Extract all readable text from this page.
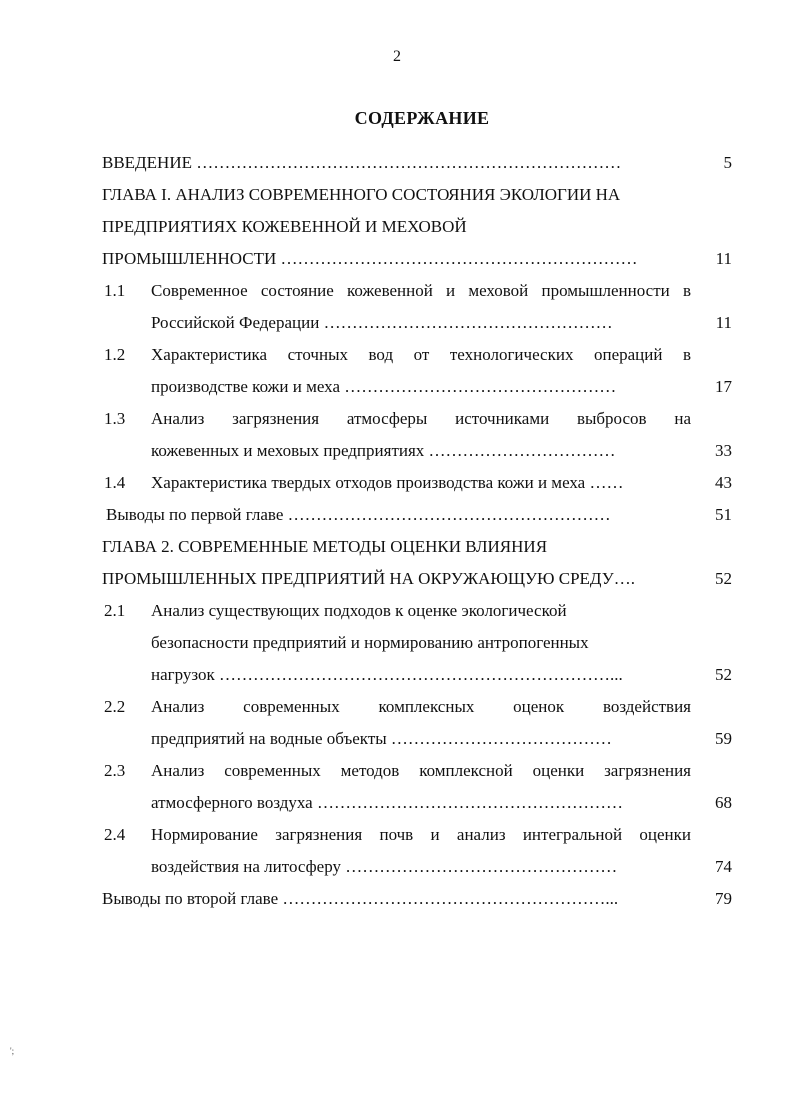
2
СОДЕРЖАНИЕ
ВВЕДЕНИЕ …………………………………………………………………	5
ГЛАВА I. АНАЛИЗ СОВРЕМЕННОГО СОСТОЯНИЯ ЭКОЛОГИИ НА
ПРЕДПРИЯТИЯХ КОЖЕВЕННОЙ И МЕХОВОЙ
ПРОМЫШЛЕННОСТИ ………………………………………………………	11
1.1 Современное состояние кожевенной и меховой промышленности в
Российской Федерации ……………………………………………	11
1.2 Характеристика сточных вод от технологических операций в
производстве кожи и меха …………………………………………	17
1.3 Анализ загрязнения атмосферы источниками выбросов на
кожевенных и меховых предприятиях ……………………………	33
1.4	Характеристика твердых отходов производства кожи и меха ……	43
Выводы по первой главе …………………………………………………	51
ГЛАВА 2. СОВРЕМЕННЫЕ МЕТОДЫ ОЦЕНКИ ВЛИЯНИЯ
ПРОМЫШЛЕННЫХ ПРЕДПРИЯТИЙ НА ОКРУЖАЮЩУЮ СРЕДУ….	52
2.1 Анализ существующих подходов к оценке экологической
безопасности предприятий и нормированию антропогенных
нагрузок ……………………………………………………………...	52
2.2 Анализ современных комплексных оценок воздействия
предприятий на водные объекты …………………………………	59
2.3 Анализ современных методов комплексной оценки загрязнения
атмосферного воздуха ………………………………………………	68
2.4 Нормирование загрязнения почв и анализ интегральной оценки
воздействия на литосферу …………………………………………	74
Выводы по второй главе …………………………………………………...	79
';
